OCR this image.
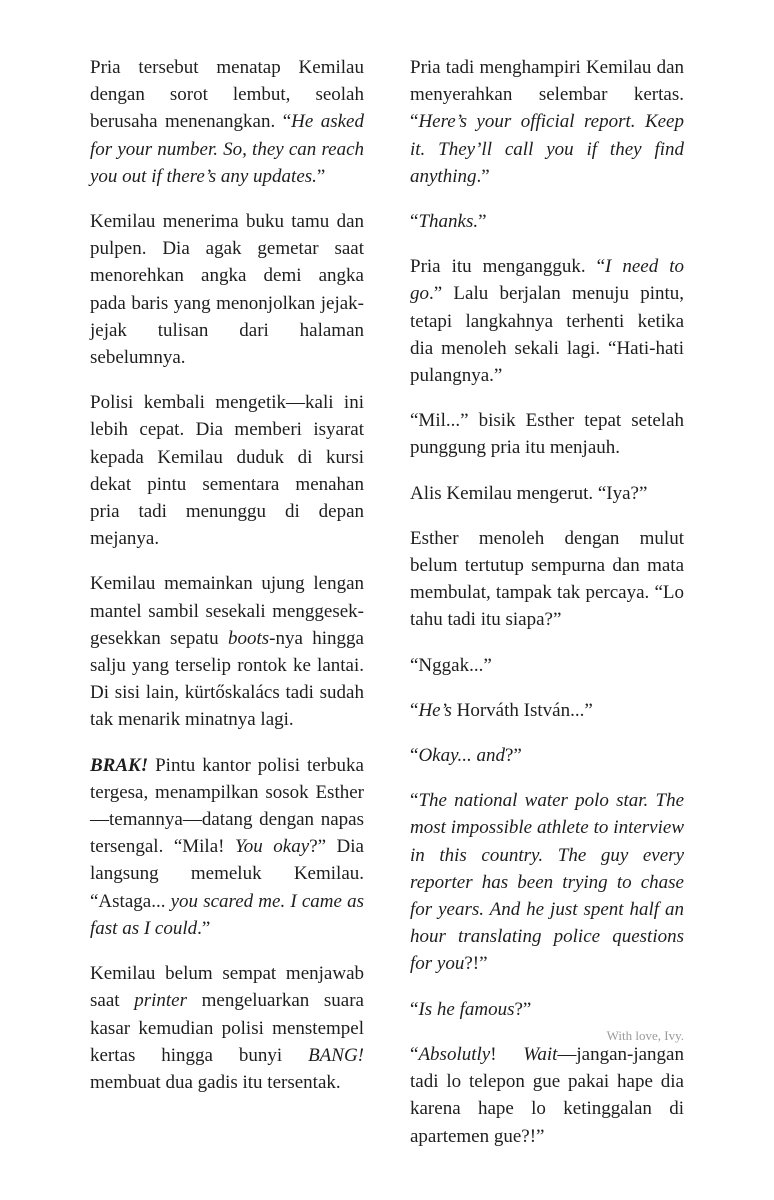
Pria tersebut menatap Kemilau dengan sorot lembut, seolah berusaha menenangkan. “He asked for your number. So, they can reach you out if there’s any updates.”

Kemilau menerima buku tamu dan pulpen. Dia agak gemetar saat menorehkan angka demi angka pada baris yang menonjolkan jejak-jejak tulisan dari halaman sebelumnya.

Polisi kembali mengetik—kali ini lebih cepat. Dia memberi isyarat kepada Kemilau duduk di kursi dekat pintu sementara menahan pria tadi menunggu di depan mejanya.

Kemilau memainkan ujung lengan mantel sambil sesekali menggesek-gesekkan sepatu boots-nya hingga salju yang terselip rontok ke lantai. Di sisi lain, kürtőskalács tadi sudah tak menarik minatnya lagi.

BRAK! Pintu kantor polisi terbuka tergesa, menampilkan sosok Esther—temannya—datang dengan napas tersengal. “Mila! You okay?” Dia langsung memeluk Kemilau. “Astaga... you scared me. I came as fast as I could.”

Kemilau belum sempat menjawab saat printer mengeluarkan suara kasar kemudian polisi menstempel kertas hingga bunyi BANG! membuat dua gadis itu tersentak.

Pria tadi menghampiri Kemilau dan menyerahkan selembar kertas. “Here’s your official report. Keep it. They’ll call you if they find anything.”

“Thanks.”

Pria itu mengangguk. “I need to go.” Lalu berjalan menuju pintu, tetapi langkahnya terhenti ketika dia menoleh sekali lagi. “Hati-hati pulangnya.”

“Mil...” bisik Esther tepat setelah punggung pria itu menjauh.

Alis Kemilau mengerut. “Iya?”

Esther menoleh dengan mulut belum tertutup sempurna dan mata membulat, tampak tak percaya. “Lo tahu tadi itu siapa?”

“Nggak...”

“He’s Horváth István...”

“Okay... and?”

“The national water polo star. The most impossible athlete to interview in this country. The guy every reporter has been trying to chase for years. And he just spent half an hour translating police questions for you?!”

“Is he famous?”

“Absolutly! Wait—jangan-jangan tadi lo telepon gue pakai hape dia karena hape lo ketinggalan di apartemen gue?!”

With love, Ivy.
